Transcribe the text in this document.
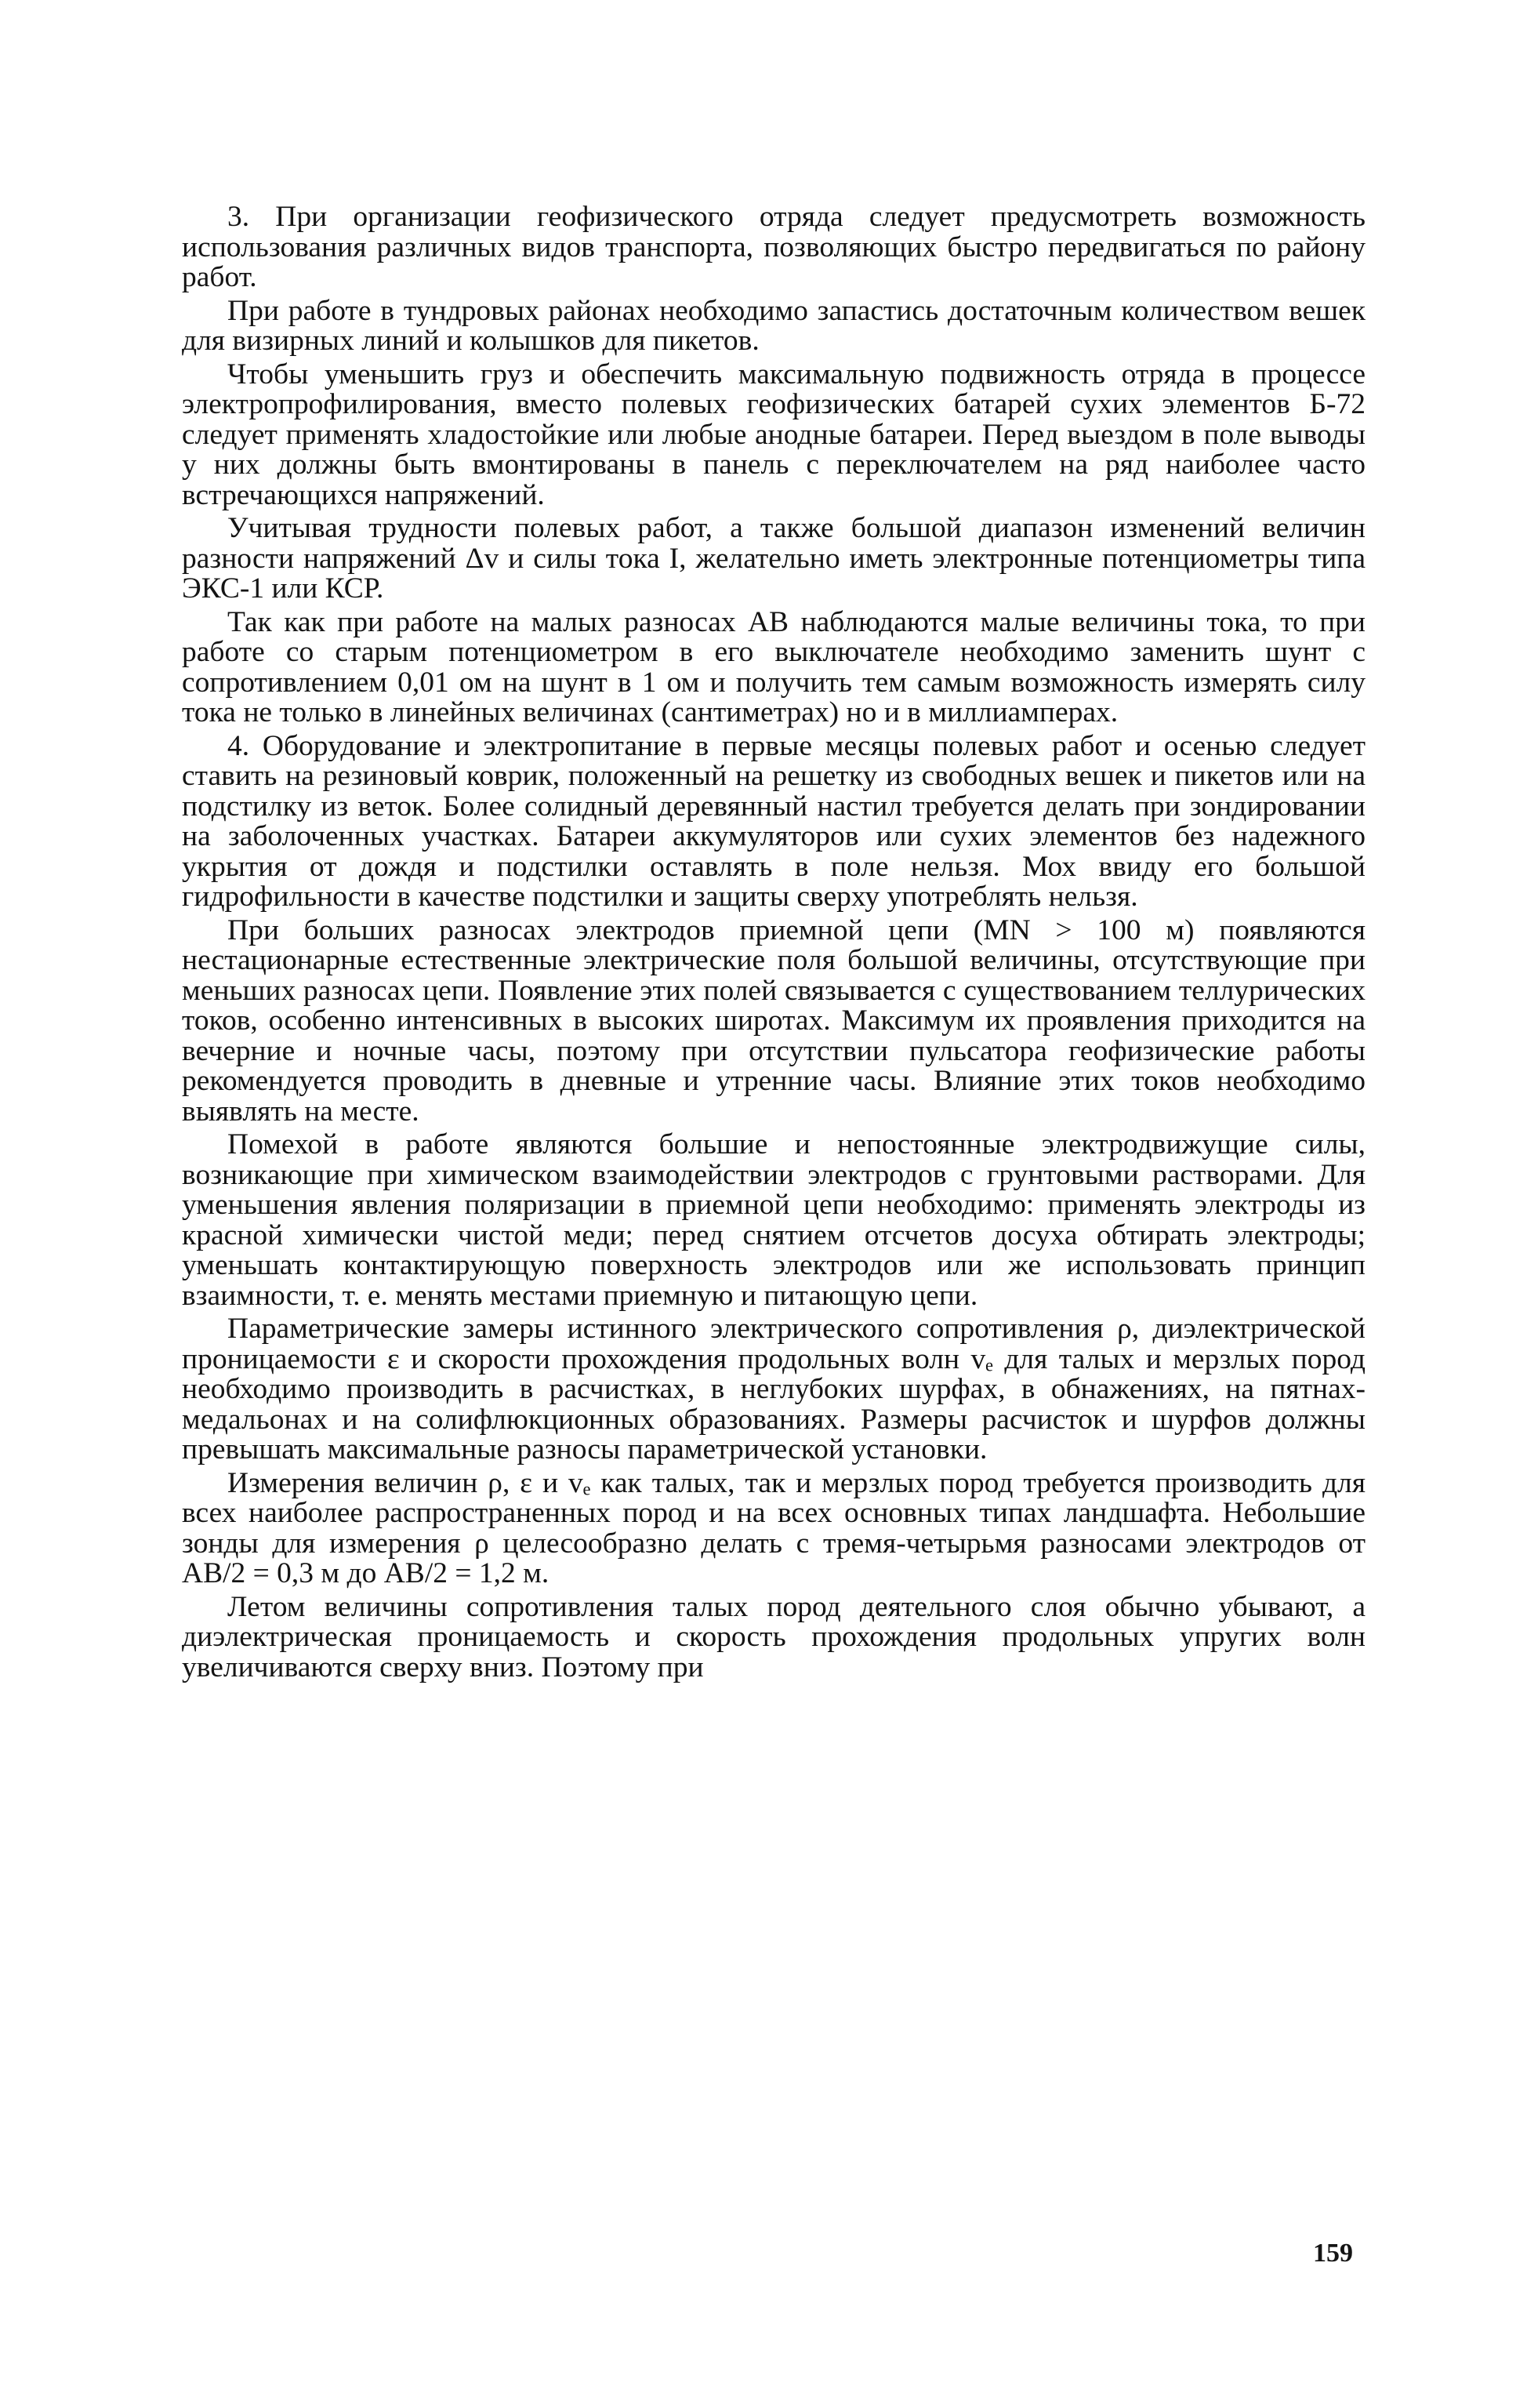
3. При организации геофизического отряда следует предусмотреть возможность использования различных видов транспорта, позволяющих быстро передвигаться по району работ.

При работе в тундровых районах необходимо запастись достаточным количеством вешек для визирных линий и колышков для пикетов.

Чтобы уменьшить груз и обеспечить максимальную подвижность отряда в процессе электропрофилирования, вместо полевых геофизических батарей сухих элементов Б-72 следует применять хладостойкие или любые анодные батареи. Перед выездом в поле выводы у них должны быть вмонтированы в панель с переключателем на ряд наиболее часто встречающихся напряжений.

Учитывая трудности полевых работ, а также большой диапазон изменений величин разности напряжений Δv и силы тока I, желательно иметь электронные потенциометры типа ЭКС-1 или КСР.

Так как при работе на малых разносах AB наблюдаются малые величины тока, то при работе со старым потенциометром в его выключателе необходимо заменить шунт с сопротивлением 0,01 ом на шунт в 1 ом и получить тем самым возможность измерять силу тока не только в линейных величинах (сантиметрах) но и в миллиамперах.

4. Оборудование и электропитание в первые месяцы полевых работ и осенью следует ставить на резиновый коврик, положенный на решетку из свободных вешек и пикетов или на подстилку из веток. Более солидный деревянный настил требуется делать при зондировании на заболоченных участках. Батареи аккумуляторов или сухих элементов без надежного укрытия от дождя и подстилки оставлять в поле нельзя. Мох ввиду его большой гидрофильности в качестве подстилки и защиты сверху употреблять нельзя.

При больших разносах электродов приемной цепи (MN > 100 м) появляются нестационарные естественные электрические поля большой величины, отсутствующие при меньших разносах цепи. Появление этих полей связывается с существованием теллурических токов, особенно интенсивных в высоких широтах. Максимум их проявления приходится на вечерние и ночные часы, поэтому при отсутствии пульсатора геофизические работы рекомендуется проводить в дневные и утренние часы. Влияние этих токов необходимо выявлять на месте.

Помехой в работе являются большие и непостоянные электродвижущие силы, возникающие при химическом взаимодействии электродов с грунтовыми растворами. Для уменьшения явления поляризации в приемной цепи необходимо: применять электроды из красной химически чистой меди; перед снятием отсчетов досуха обтирать электроды; уменьшать контактирующую поверхность электродов или же использовать принцип взаимности, т. е. менять местами приемную и питающую цепи.

Параметрические замеры истинного электрического сопротивления ρ, диэлектрической проницаемости ε и скорости прохождения продольных волн vₑ для талых и мерзлых пород необходимо производить в расчистках, в неглубоких шурфах, в обнажениях, на пятнах-медальонах и на солифлюкционных образованиях. Размеры расчисток и шурфов должны превышать максимальные разносы параметрической установки.

Измерения величин ρ, ε и vₑ как талых, так и мерзлых пород требуется производить для всех наиболее распространенных пород и на всех основных типах ландшафта. Небольшие зонды для измерения ρ целесообразно делать с тремя-четырьмя разносами электродов от AB/2 = 0,3 м до AB/2 = 1,2 м.

Летом величины сопротивления талых пород деятельного слоя обычно убывают, а диэлектрическая проницаемость и скорость прохождения продольных упругих волн увеличиваются сверху вниз. Поэтому при

159
